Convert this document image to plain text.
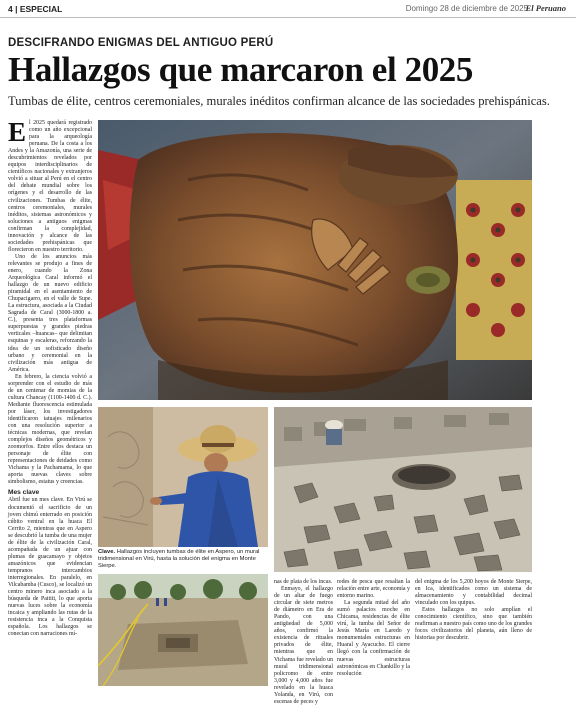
4 | ESPECIAL	Domingo 28 de diciembre de 2025
El Peruano
DESCIFRANDO ENIGMAS DEL ANTIGUO PERÚ
Hallazgos que marcaron el 2025
Tumbas de élite, centros ceremoniales, murales inéditos confirman alcance de las sociedades prehispánicas.
E l 2025 quedará registrado como un año excepcional para la arqueología peruana. De la costa a los Andes y la Amazonía, una serie de descubrimientos revelados por equipos interdisciplinarios de científicos nacionales y extranjeros volvió a situar al Perú en el centro del debate mundial sobre los orígenes y el desarrollo de las civilizaciones. Tumbas de élite, centros ceremoniales, murales inéditos, sistemas astronómicos y soluciones a antiguos enigmas confirman la complejidad, innovación y alcance de las sociedades prehispánicas que florecieron en nuestro territorio.

Uno de los anuncios más relevantes se produjo a fines de enero, cuando la Zona Arqueológica Caral informó el hallazgo de un nuevo edificio piramidal en el asentamiento de Chupacigarro, en el valle de Supe. La estructura, asociada a la Ciudad Sagrada de Caral (3000-1800 a. C.), presenta tres plataformas superpuestas y grandes piedras verticales –huancas– que delimitan esquinas y escaleras, reforzando la idea de un sofisticado diseño urbano y ceremonial en la civilización más antigua de América.

En febrero, la ciencia volvió a sorprender con el estudio de más de un centenar de momias de la cultura Chancay (1100-1400 d. C.). Mediante fluorescencia estimulada por láser, los investigadores identificaron tatuajes milenarios con una resolución superior a técnicas modernas, que revelan complejos diseños geométricos y zoomorfos. Entre ellos destaca un personaje de élite con representaciones de deidades como Vichama y la Pachamama, lo que aporta nuevas claves sobre simbolismo, estatus y creencias.

Mes clave

Abril fue un mes clave. En Virú se documentó el sacrificio de un joven chimú enterrado en posición cúbito ventral en la huaca El Cerrito 2, mientras que en Aspero se descubrió la tumba de una mujer de élite de la civilización Caral, acompañada de un ajuar con plumas de guacamayo y objetos amazónicos que evidencian tempranos intercambios interregionales. En paralelo, en Vilcabamba (Cusco), se localizó un centro minero inca asociado a la búsqueda de Paititi, lo que aporta nuevas luces sobre la economía incaica y ampliando las rutas de la resistencia inca a la Conquista española. Los hallazgos se conectan con narraciones mí-

Clave. Hallazgos incluyen tumbas de élite en Aspero, un mural tridimensional en Virú, hasta la solución del enigma en Monte Sierpe.

nas de plata de los incas.

Enmayo, el hallazgo de un altar de fuego circular de siete metros de diámetro en Era de Pando, con una antigüedad de 5,000 años, confirmó la existencia de rituales privados de élite, mientras que en Vichama fue revelado un mural tridimensional policromo de entre 3,000 y 4,000 años fue revelado en la huaca Yolanda, en Virú, con escenas de peces y

redes de pesca que resaltan la relación entre arte, economía y entorno marino.

La segunda mitad del año sumó palacios moche en Chicama, residencias de élite virú, la tumba del Señor de Jesús María en Laredo y monumentales estructuras en Huaral y Ayacucho. El cierre llegó con la confirmación de nuevas estructuras astronómicas en Chankillo y la resolución

del enigma de los 5,200 hoyos de Monte Sierpe, en Ica, identificados como un sistema de almacenamiento y contabilidad decimal vinculado con los quipus.

Estos hallazgos no solo amplían el conocimiento científico, sino que también reafirman a nuestro país como uno de los grandes focos civilizatorios del planeta, aún lleno de historias por descubrir.
